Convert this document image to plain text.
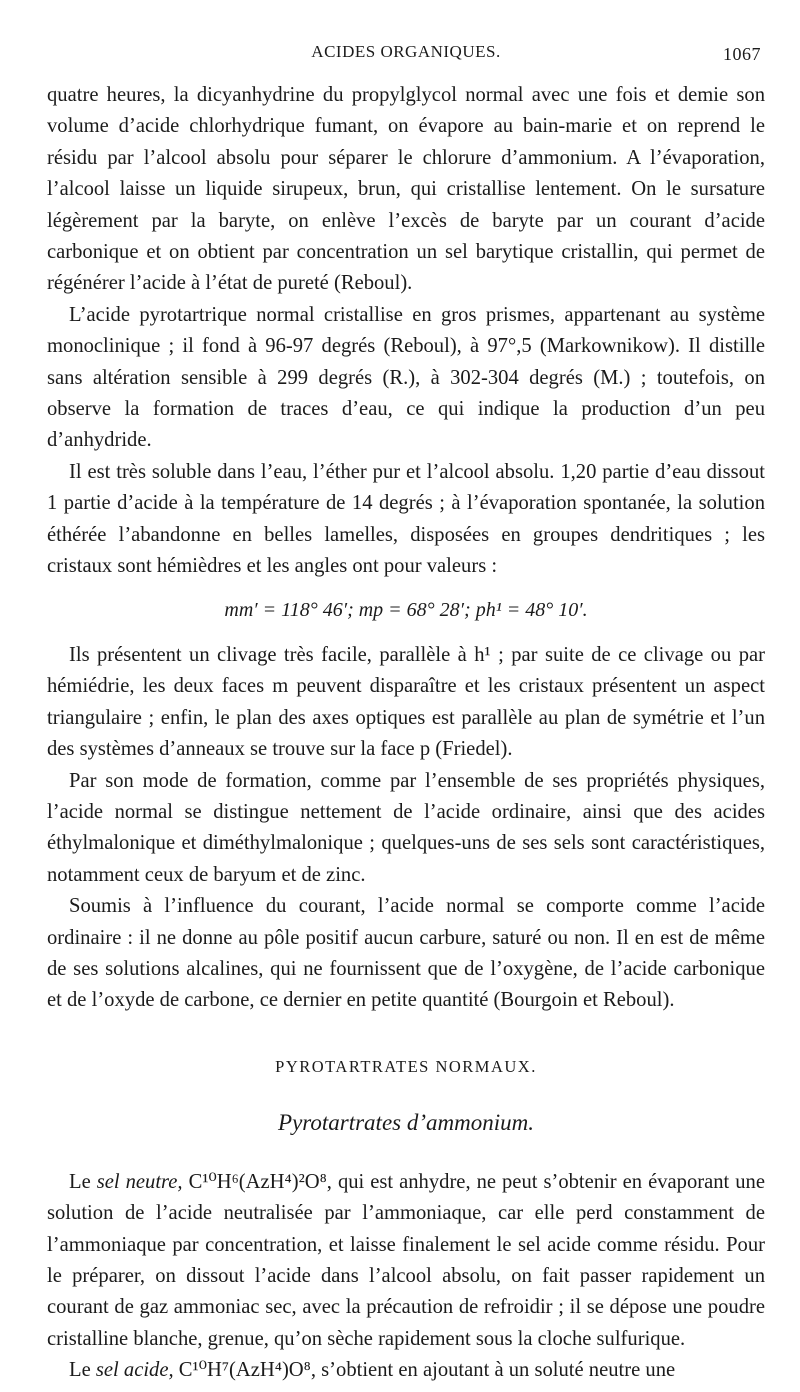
ACIDES ORGANIQUES.	1067

quatre heures, la dicyanhydrine du propylglycol normal avec une fois et demie son volume d’acide chlorhydrique fumant, on évapore au bain-marie et on reprend le résidu par l’alcool absolu pour séparer le chlorure d’ammonium. A l’évaporation, l’alcool laisse un liquide sirupeux, brun, qui cristallise lentement. On le sursature légèrement par la baryte, on enlève l’excès de baryte par un courant d’acide carbonique et on obtient par concentration un sel barytique cristallin, qui permet de régénérer l’acide à l’état de pureté (Reboul).

L’acide pyrotartrique normal cristallise en gros prismes, appartenant au système monoclinique ; il fond à 96-97 degrés (Reboul), à 97°,5 (Markownikow). Il distille sans altération sensible à 299 degrés (R.), à 302-304 degrés (M.) ; toutefois, on observe la formation de traces d’eau, ce qui indique la production d’un peu d’anhydride.

Il est très soluble dans l’eau, l’éther pur et l’alcool absolu. 1,20 partie d’eau dissout 1 partie d’acide à la température de 14 degrés ; à l’évaporation spontanée, la solution éthérée l’abandonne en belles lamelles, disposées en groupes dendritiques ; les cristaux sont hémièdres et les angles ont pour valeurs :

mm′ = 118° 46′; mp = 68° 28′; ph¹ = 48° 10′.

Ils présentent un clivage très facile, parallèle à h¹ ; par suite de ce clivage ou par hémiédrie, les deux faces m peuvent disparaître et les cristaux présentent un aspect triangulaire ; enfin, le plan des axes optiques est parallèle au plan de symétrie et l’un des systèmes d’anneaux se trouve sur la face p (Friedel).

Par son mode de formation, comme par l’ensemble de ses propriétés physiques, l’acide normal se distingue nettement de l’acide ordinaire, ainsi que des acides éthylmalonique et diméthylmalonique ; quelques-uns de ses sels sont caractéristiques, notamment ceux de baryum et de zinc.

Soumis à l’influence du courant, l’acide normal se comporte comme l’acide ordinaire : il ne donne au pôle positif aucun carbure, saturé ou non. Il en est de même de ses solutions alcalines, qui ne fournissent que de l’oxygène, de l’acide carbonique et de l’oxyde de carbone, ce dernier en petite quantité (Bourgoin et Reboul).

PYROTARTRATES NORMAUX.
Pyrotartrates d’ammonium.

Le sel neutre, C¹⁰H⁶(AzH⁴)²O⁸, qui est anhydre, ne peut s’obtenir en évaporant une solution de l’acide neutralisée par l’ammoniaque, car elle perd constamment de l’ammoniaque par concentration, et laisse finalement le sel acide comme résidu. Pour le préparer, on dissout l’acide dans l’alcool absolu, on fait passer rapidement un courant de gaz ammoniac sec, avec la précaution de refroidir ; il se dépose une poudre cristalline blanche, grenue, qu’on sèche rapidement sous la cloche sulfurique.

Le sel acide, C¹⁰H⁷(AzH⁴)O⁸, s’obtient en ajoutant à un soluté neutre une
